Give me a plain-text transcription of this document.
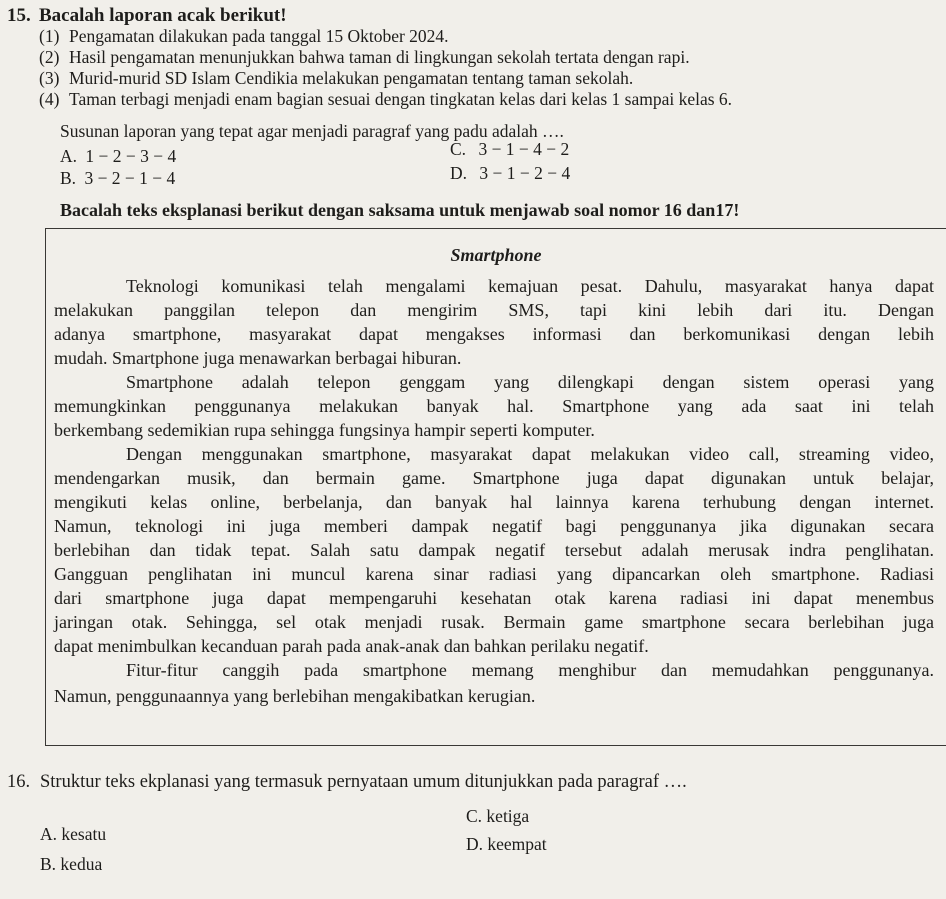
15. Bacalah laporan acak berikut!
(1) Pengamatan dilakukan pada tanggal 15 Oktober 2024.
(2) Hasil pengamatan menunjukkan bahwa taman di lingkungan sekolah tertata dengan rapi.
(3) Murid-murid SD Islam Cendikia melakukan pengamatan tentang taman sekolah.
(4) Taman terbagi menjadi enam bagian sesuai dengan tingkatan kelas dari kelas 1 sampai kelas 6.
Susunan laporan yang tepat agar menjadi paragraf yang padu adalah ….
A. 1 − 2 − 3 − 4
B. 3 − 2 − 1 − 4
C. 3 − 1 − 4 − 2
D. 3 − 1 − 2 − 4
Bacalah teks eksplanasi berikut dengan saksama untuk menjawab soal nomor 16 dan17!
Smartphone
Teknologi komunikasi telah mengalami kemajuan pesat. Dahulu, masyarakat hanya dapat
melakukan panggilan telepon dan mengirim SMS, tapi kini lebih dari itu. Dengan
adanya smartphone, masyarakat dapat mengakses informasi dan berkomunikasi dengan lebih
mudah. Smartphone juga menawarkan berbagai hiburan.
Smartphone adalah telepon genggam yang dilengkapi dengan sistem operasi yang
memungkinkan penggunanya melakukan banyak hal. Smartphone yang ada saat ini telah
berkembang sedemikian rupa sehingga fungsinya hampir seperti komputer.
Dengan menggunakan smartphone, masyarakat dapat melakukan video call, streaming video,
mendengarkan musik, dan bermain game. Smartphone juga dapat digunakan untuk belajar,
mengikuti kelas online, berbelanja, dan banyak hal lainnya karena terhubung dengan internet.
Namun, teknologi ini juga memberi dampak negatif bagi penggunanya jika digunakan secara
berlebihan dan tidak tepat. Salah satu dampak negatif tersebut adalah merusak indra penglihatan.
Gangguan penglihatan ini muncul karena sinar radiasi yang dipancarkan oleh smartphone. Radiasi
dari smartphone juga dapat mempengaruhi kesehatan otak karena radiasi ini dapat menembus
jaringan otak. Sehingga, sel otak menjadi rusak. Bermain game smartphone secara berlebihan juga
dapat menimbulkan kecanduan parah pada anak-anak dan bahkan perilaku negatif.
Fitur-fitur canggih pada smartphone memang menghibur dan memudahkan penggunanya.
Namun, penggunaannya yang berlebihan mengakibatkan kerugian.
16. Struktur teks ekplanasi yang termasuk pernyataan umum ditunjukkan pada paragraf ….
A. kesatu
B. kedua
C. ketiga
D. keempat
